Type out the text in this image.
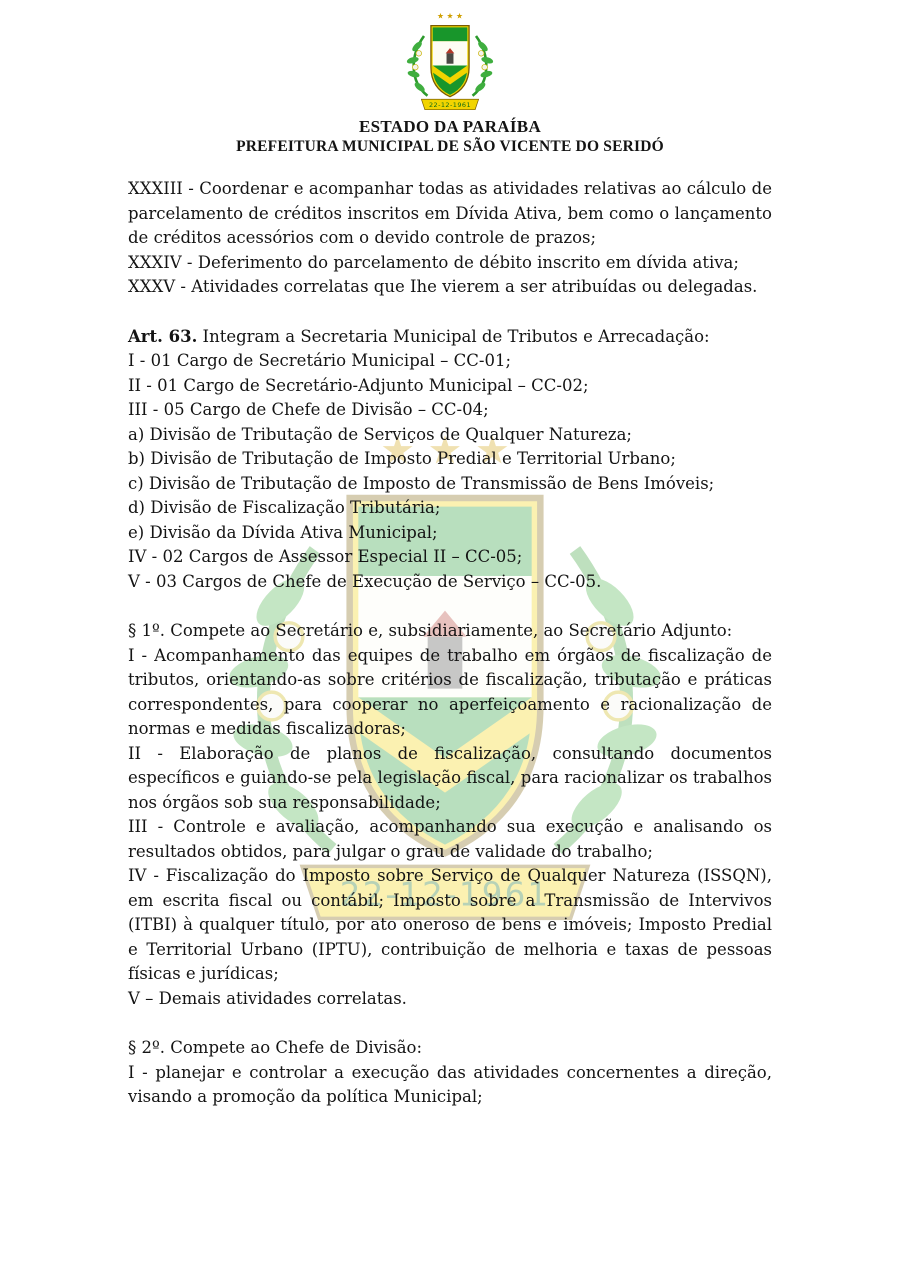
ESTADO DA PARAÍBA
PREFEITURA MUNICIPAL DE SÃO VICENTE DO SERIDÓ

XXXIII - Coordenar e acompanhar todas as atividades relativas ao cálculo de parcelamento de créditos inscritos em Dívida Ativa, bem como o lançamento de créditos acessórios com o devido controle de prazos;

XXXIV - Deferimento do parcelamento de débito inscrito em dívida ativa;

XXXV - Atividades correlatas que Ihe vierem a ser atribuídas ou delegadas.

Art. 63. Integram a Secretaria Municipal de Tributos e Arrecadação:

I - 01 Cargo de Secretário Municipal – CC-01;

II - 01 Cargo de Secretário-Adjunto Municipal – CC-02;

III - 05 Cargo de Chefe de Divisão – CC-04;

a) Divisão de Tributação de Serviços de Qualquer Natureza;

b) Divisão de Tributação de Imposto Predial e Territorial Urbano;

c) Divisão de Tributação de Imposto de Transmissão de Bens Imóveis;

d) Divisão de Fiscalização Tributária;

e) Divisão da Dívida Ativa Municipal;

IV - 02 Cargos de Assessor Especial II – CC-05;

V - 03 Cargos de Chefe de Execução de Serviço – CC-05.

§ 1º. Compete ao Secretário e, subsidiariamente, ao Secretário Adjunto:

I - Acompanhamento das equipes de trabalho em órgãos de fiscalização de tributos, orientando-as sobre critérios de fiscalização, tributação e práticas correspondentes, para cooperar no aperfeiçoamento e racionalização de normas e medidas fiscalizadoras;

II - Elaboração de planos de fiscalização, consultando documentos específicos e guiando-se pela legislação fiscal, para racionalizar os trabalhos nos órgãos sob sua responsabilidade;

III - Controle e avaliação, acompanhando sua execução e analisando os resultados obtidos, para julgar o grau de validade do trabalho;

IV - Fiscalização do Imposto sobre Serviço de Qualquer Natureza (ISSQN), em escrita fiscal ou contábil; Imposto sobre a Transmissão de Intervivos (ITBI) à qualquer título, por ato oneroso de bens e imóveis; Imposto Predial e Territorial Urbano (IPTU), contribuição de melhoria e taxas de pessoas físicas e jurídicas;

V – Demais atividades correlatas.

§ 2º. Compete ao Chefe de Divisão:

I - planejar e controlar a execução das atividades concernentes a direção, visando a promoção da política Municipal;
